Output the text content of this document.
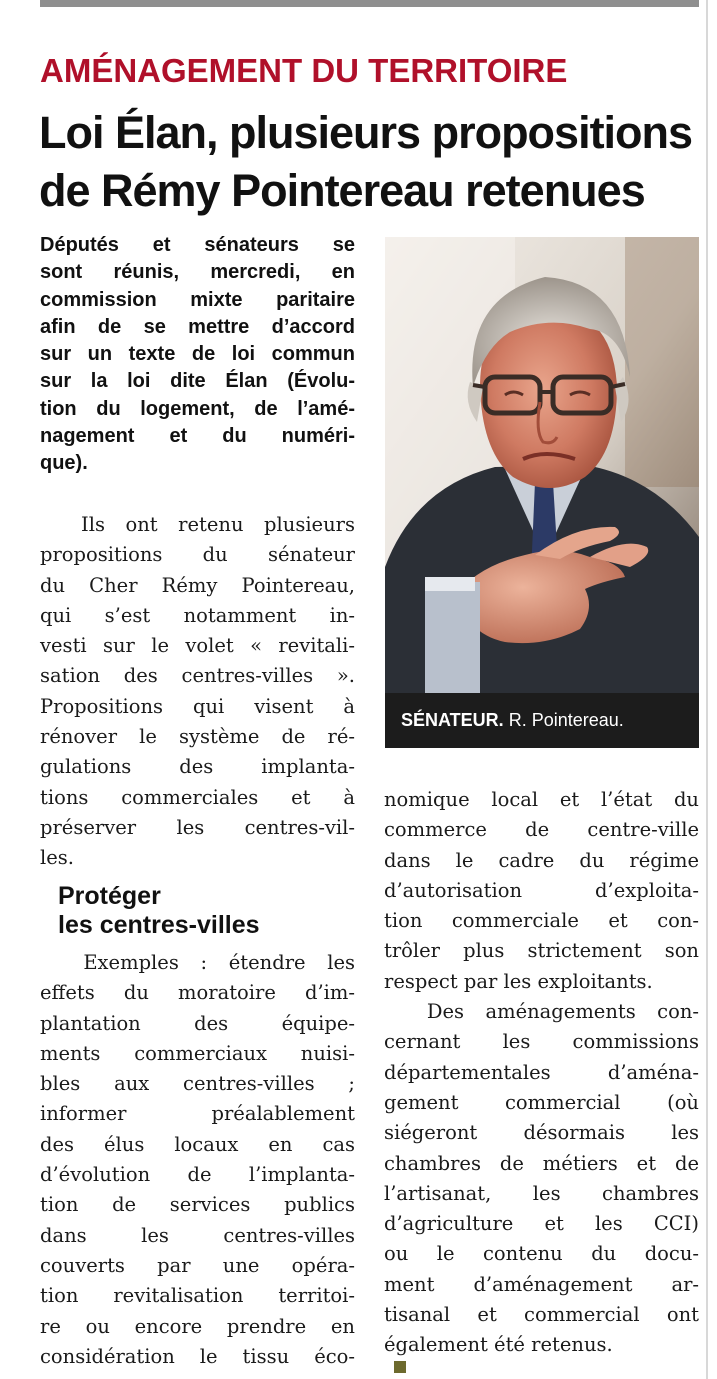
AMÉNAGEMENT DU TERRITOIRE
Loi Élan, plusieurs propositions
de Rémy Pointereau retenues
Députés et sénateurs se
sont réunis, mercredi, en
commission mixte paritaire
afin de se mettre d’accord
sur un texte de loi commun
sur la loi dite Élan (Évolu-
tion du logement, de l’amé-
nagement et du numéri-
que).
Ils ont retenu plusieurs
propositions du sénateur
du Cher Rémy Pointereau,
qui s’est notamment in-
vesti sur le volet « revitali-
sation des centres-villes ».
Propositions qui visent à
rénover le système de ré-
gulations des implanta-
tions commerciales et à
préserver les centres-vil-
les.
Protéger
les centres-villes
Exemples : étendre les
effets du moratoire d’im-
plantation des équipe-
ments commerciaux nuisi-
bles aux centres-villes ;
informer préalablement
des élus locaux en cas
d’évolution de l’implanta-
tion de services publics
dans les centres-villes
couverts par une opéra-
tion revitalisation territoi-
re ou encore prendre en
considération le tissu éco-
SÉNATEUR. R. Pointereau.
nomique local et l’état du
commerce de centre-ville
dans le cadre du régime
d’autorisation d’exploita-
tion commerciale et con-
trôler plus strictement son
respect par les exploitants.
Des aménagements con-
cernant les commissions
départementales d’aména-
gement commercial (où
siégeront désormais les
chambres de métiers et de
l’artisanat, les chambres
d’agriculture et les CCI)
ou le contenu du docu-
ment d’aménagement ar-
tisanal et commercial ont
également été retenus.
